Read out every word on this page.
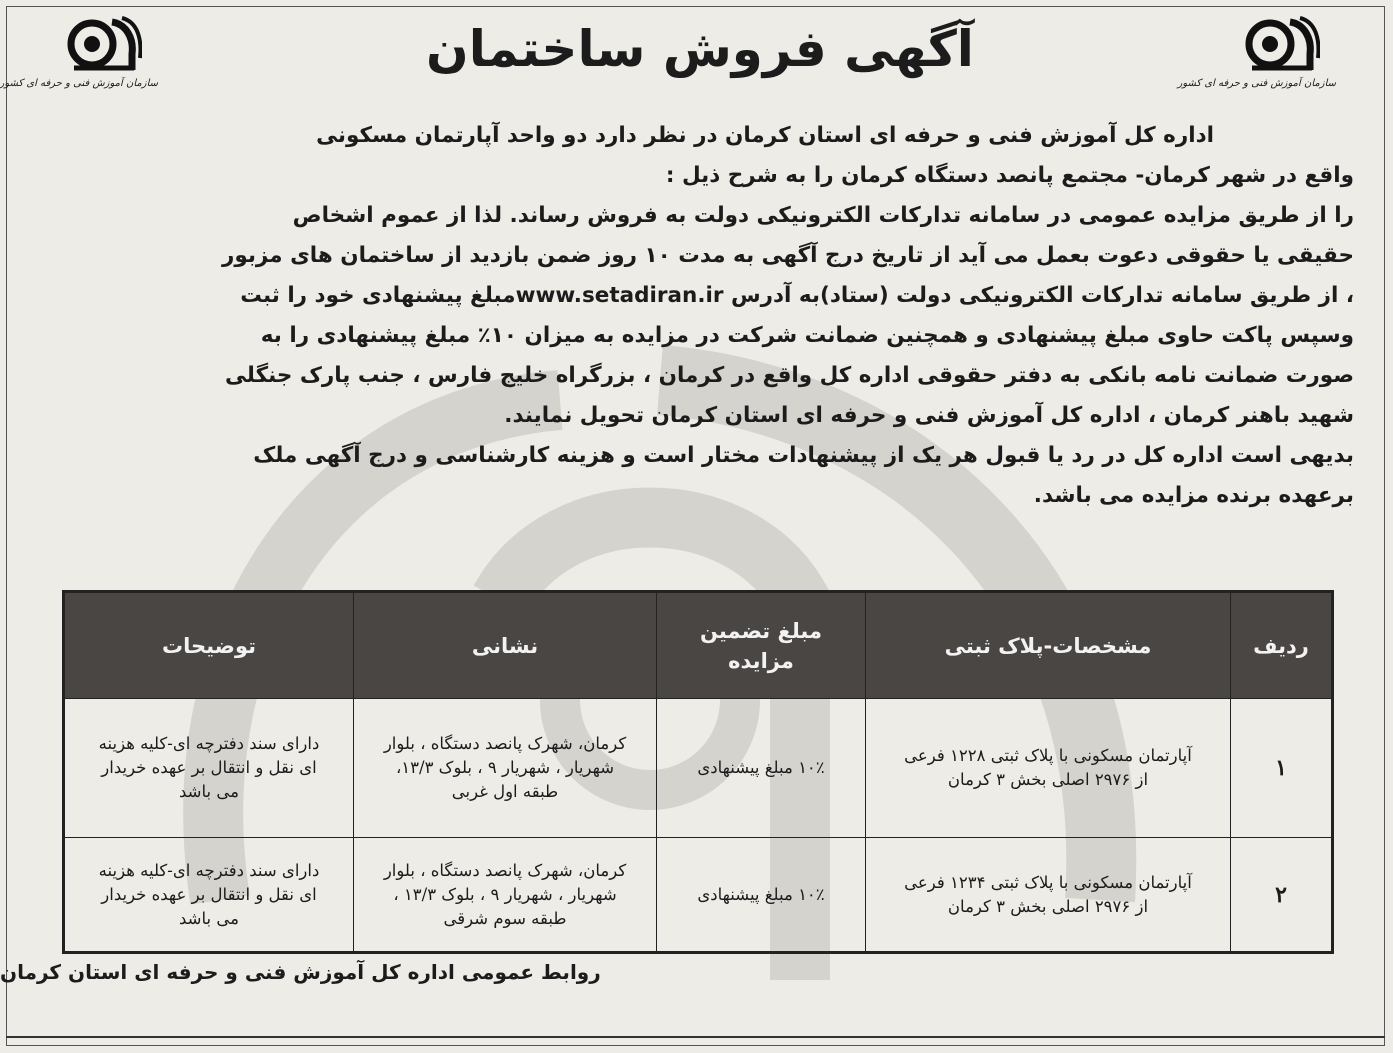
سازمان آموزش فنی و حرفه ای کشور	سازمان آموزش فنی و حرفه ای کشور
آگهی فروش ساختمان
اداره کل آموزش فنی و حرفه ای استان کرمان در نظر دارد دو واحد آپارتمان مسکونی
واقع در شهر کرمان- مجتمع پانصد دستگاه کرمان را به شرح ذیل :
را از طریق مزایده عمومی در سامانه تدارکات الکترونیکی دولت به فروش رساند. لذا از عموم اشخاص
حقیقی یا حقوقی دعوت بعمل می آید از تاریخ درج آگهی به مدت ۱۰ روز ضمن بازدید از ساختمان های مزبور
، از طریق سامانه تدارکات الکترونیکی دولت (ستاد)به آدرس www.setadiran.irمبلغ پیشنهادی خود را ثبت
وسپس پاکت حاوی مبلغ پیشنهادی و همچنین ضمانت شرکت در مزایده به میزان ۱۰٪ مبلغ پیشنهادی را به
صورت ضمانت نامه بانکی به دفتر حقوقی اداره کل واقع در کرمان ، بزرگراه خلیج فارس ، جنب پارک جنگلی
شهید باهنر کرمان ، اداره کل آموزش فنی و حرفه ای استان کرمان تحویل نمایند.
بدیهی است اداره کل در رد یا قبول هر یک از پیشنهادات مختار است و هزینه کارشناسی و درج آگهی ملک
برعهده برنده مزایده می باشد.
ردیف	مشخصات-پلاک ثبتی	مبلغ تضمین مزایده	نشانی	توضیحات
۱	آپارتمان مسکونی با پلاک ثبتی ۱۲۲۸ فرعی از ۲۹۷۶ اصلی بخش ۳ کرمان	۱۰٪ مبلغ پیشنهادی	کرمان، شهرک پانصد دستگاه ، بلوار شهریار ، شهریار ۹ ، بلوک ۱۳/۳، طبقه اول غربی	دارای سند دفترچه ای-کلیه هزینه ای نقل و انتقال بر عهده خریدار می باشد
۲	آپارتمان مسکونی با پلاک ثبتی ۱۲۳۴ فرعی از ۲۹۷۶ اصلی بخش ۳ کرمان	۱۰٪ مبلغ پیشنهادی	کرمان، شهرک پانصد دستگاه ، بلوار شهریار ، شهریار ۹ ، بلوک ۱۳/۳ ، طبقه سوم شرقی	دارای سند دفترچه ای-کلیه هزینه ای نقل و انتقال بر عهده خریدار می باشد
روابط عمومی اداره کل آموزش فنی و حرفه ای استان کرمان
